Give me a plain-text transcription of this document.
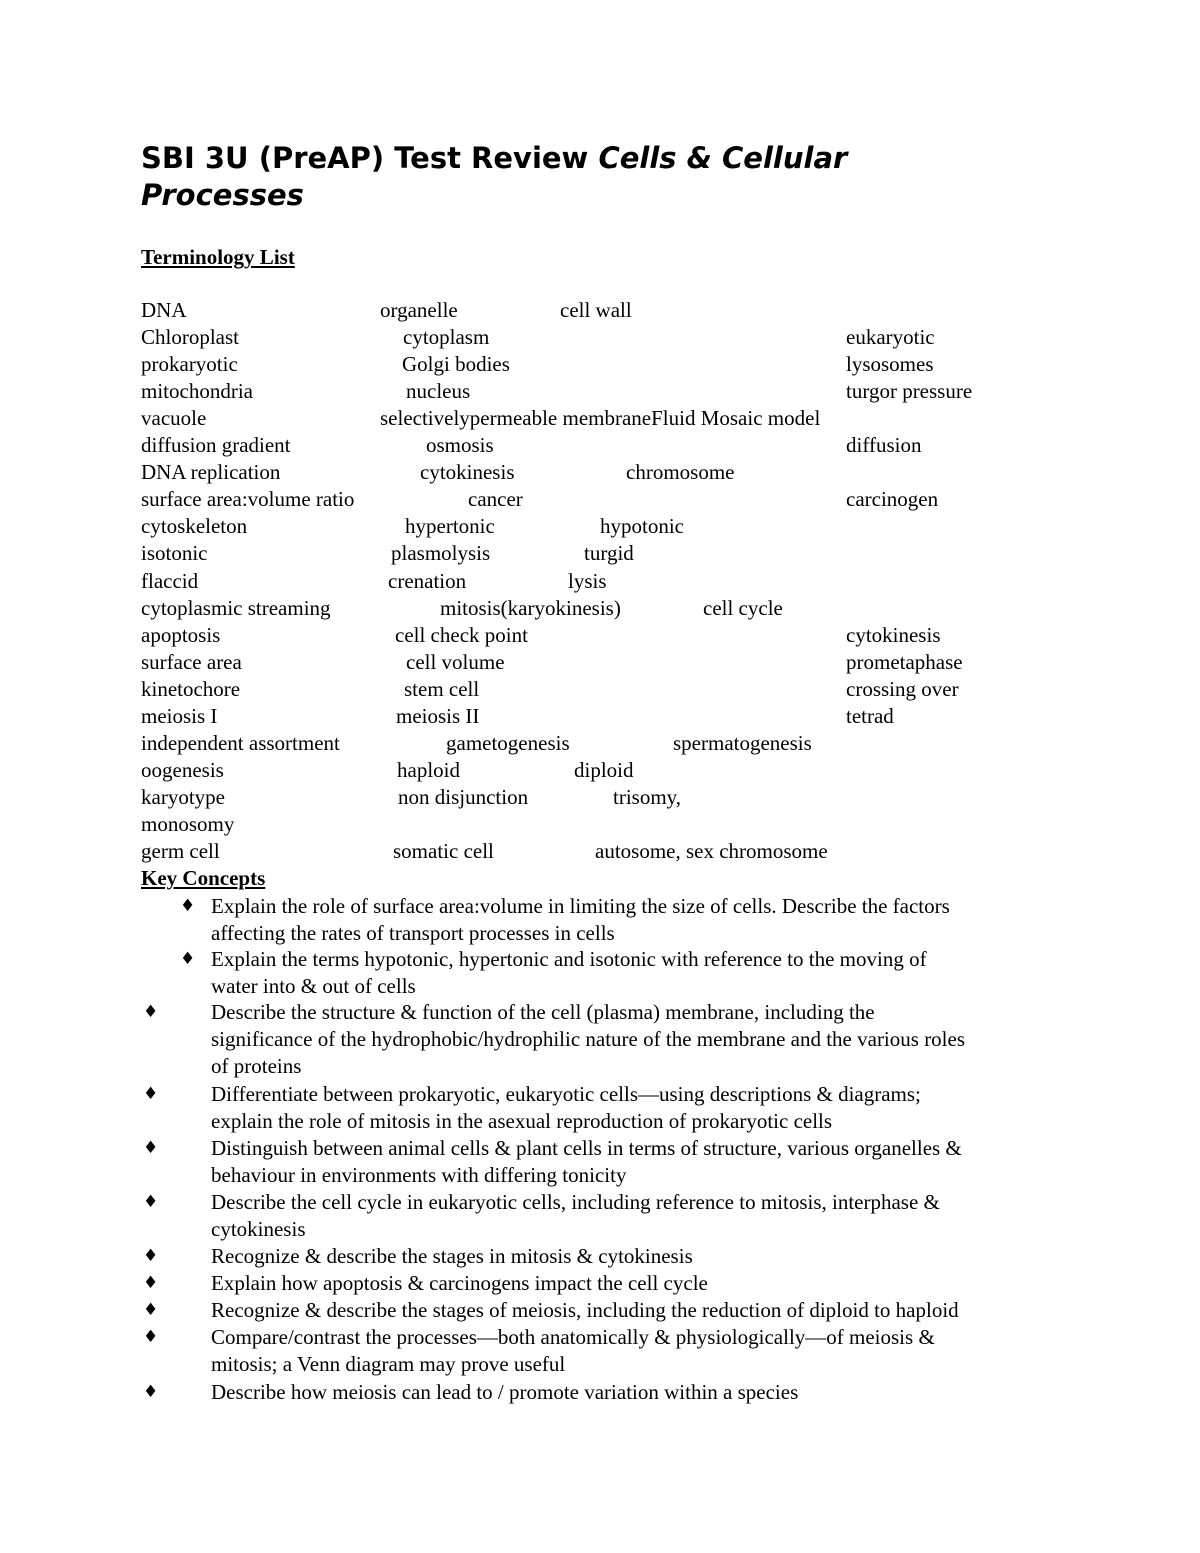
SBI 3U (PreAP) Test Review Cells & Cellular
Processes
Terminology List
DNA	organelle	cell wall
Chloroplast	cytoplasm	eukaryotic
prokaryotic	Golgi bodies	lysosomes
mitochondria	nucleus	turgor pressure
vacuole	selectivelypermeable membraneFluid Mosaic model
diffusion gradient	osmosis	diffusion
DNA replication	cytokinesis	chromosome
surface area:volume ratio	cancer	carcinogen
cytoskeleton	hypertonic	hypotonic
isotonic	plasmolysis	turgid
flaccid	crenation	lysis
cytoplasmic streaming	mitosis(karyokinesis)	cell cycle
apoptosis	cell check point	cytokinesis
surface area	cell volume	prometaphase
kinetochore	stem cell	crossing over
meiosis I	meiosis II	tetrad
independent assortment	gametogenesis	spermatogenesis
oogenesis	haploid	diploid
karyotype	non disjunction	trisomy,
monosomy
germ cell	somatic cell	autosome, sex chromosome
Key Concepts
♦ Explain the role of surface area:volume in limiting the size of cells. Describe the factors
affecting the rates of transport processes in cells
♦ Explain the terms hypotonic, hypertonic and isotonic with reference to the moving of
water into & out of cells
♦	Describe the structure & function of the cell (plasma) membrane, including the
significance of the hydrophobic/hydrophilic nature of the membrane and the various roles
of proteins
♦	Differentiate between prokaryotic, eukaryotic cells—using descriptions & diagrams;
explain the role of mitosis in the asexual reproduction of prokaryotic cells
♦	Distinguish between animal cells & plant cells in terms of structure, various organelles &
behaviour in environments with differing tonicity
♦	Describe the cell cycle in eukaryotic cells, including reference to mitosis, interphase &
cytokinesis
♦	Recognize & describe the stages in mitosis & cytokinesis
♦	Explain how apoptosis & carcinogens impact the cell cycle
♦	Recognize & describe the stages of meiosis, including the reduction of diploid to haploid
♦	Compare/contrast the processes—both anatomically & physiologically—of meiosis &
mitosis; a Venn diagram may prove useful
♦	Describe how meiosis can lead to / promote variation within a species
